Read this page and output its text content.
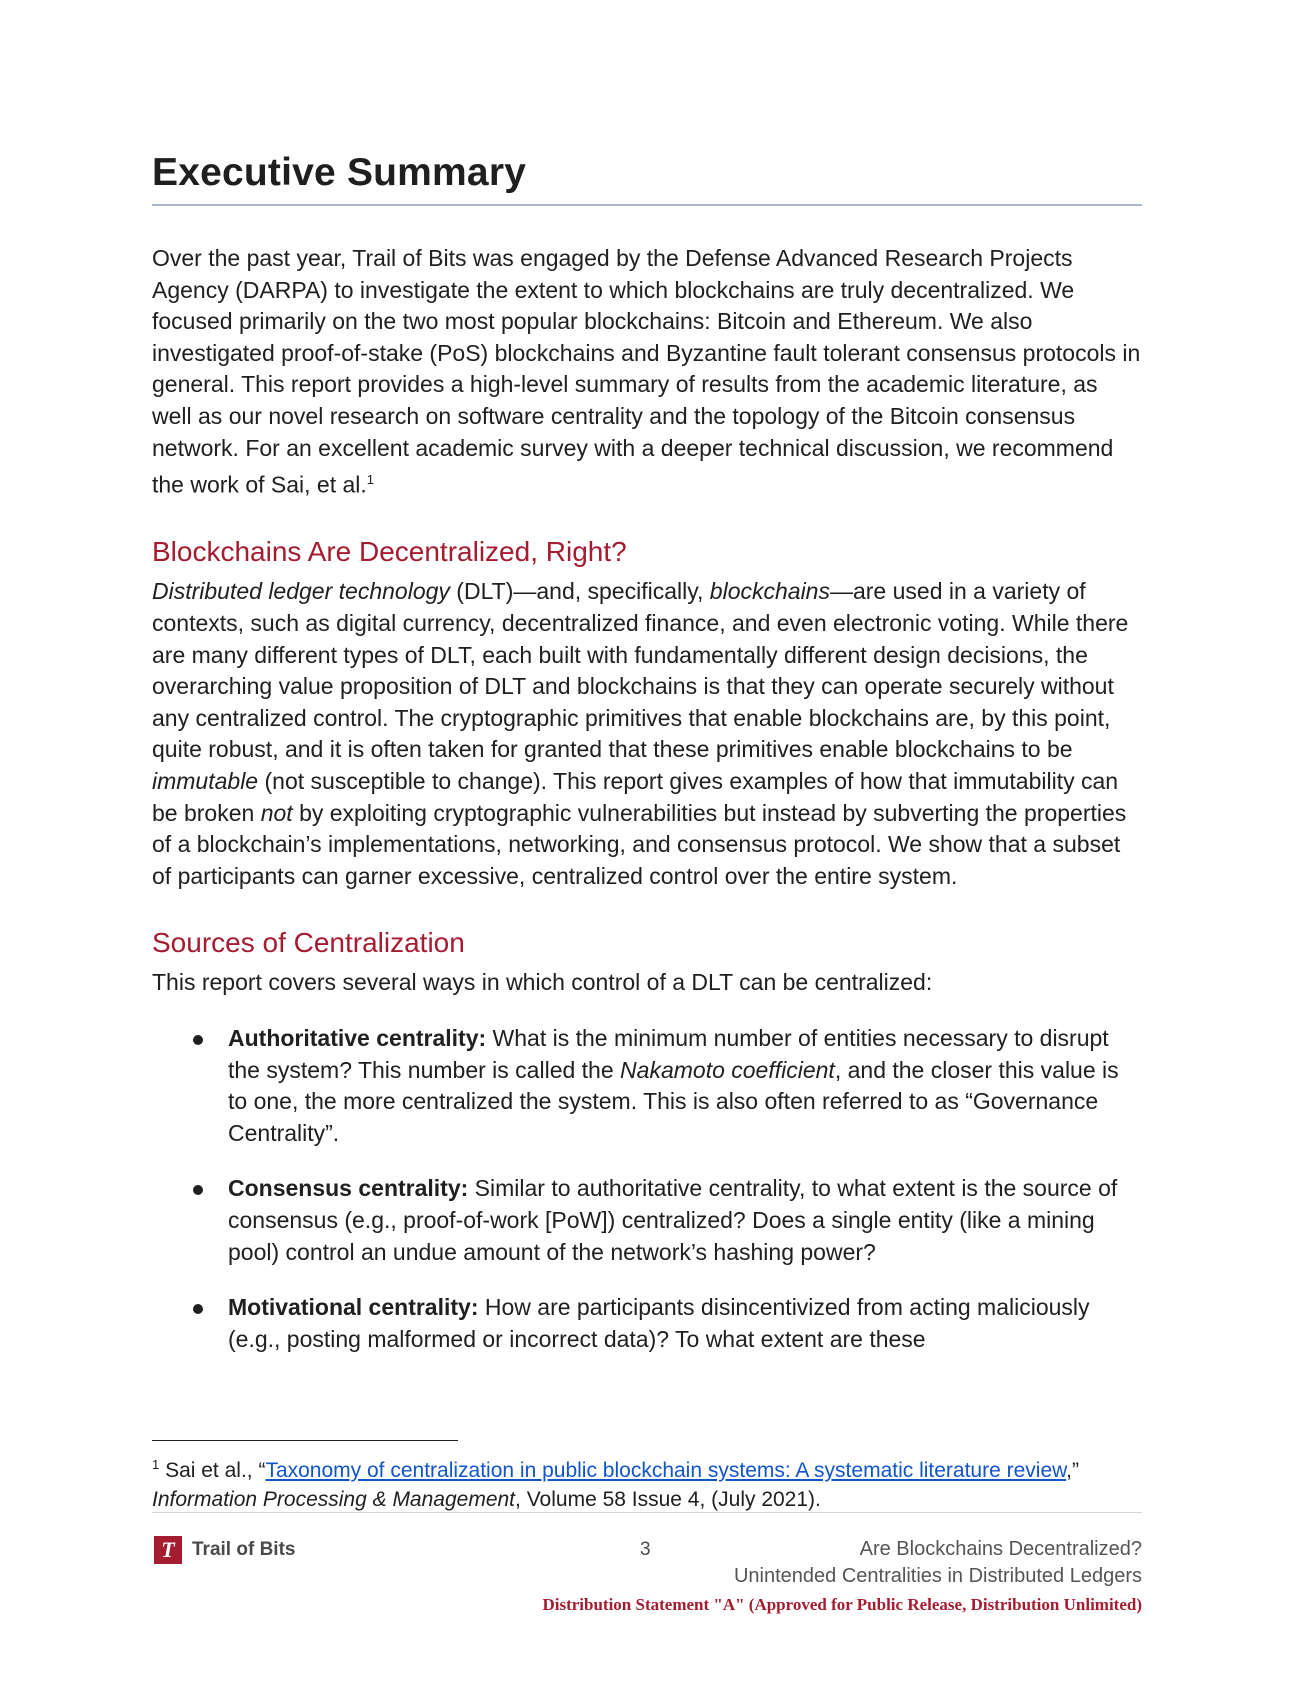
Executive Summary

Over the past year, Trail of Bits was engaged by the Defense Advanced Research Projects Agency (DARPA) to investigate the extent to which blockchains are truly decentralized. We focused primarily on the two most popular blockchains: Bitcoin and Ethereum. We also investigated proof-of-stake (PoS) blockchains and Byzantine fault tolerant consensus protocols in general. This report provides a high-level summary of results from the academic literature, as well as our novel research on software centrality and the topology of the Bitcoin consensus network. For an excellent academic survey with a deeper technical discussion, we recommend the work of Sai, et al.$^1$

Blockchains Are Decentralized, Right?

Distributed ledger technology (DLT)—and, specifically, blockchains—are used in a variety of contexts, such as digital currency, decentralized finance, and even electronic voting. While there are many different types of DLT, each built with fundamentally different design decisions, the overarching value proposition of DLT and blockchains is that they can operate securely without any centralized control. The cryptographic primitives that enable blockchains are, by this point, quite robust, and it is often taken for granted that these primitives enable blockchains to be immutable (not susceptible to change). This report gives examples of how that immutability can be broken not by exploiting cryptographic vulnerabilities but instead by subverting the properties of a blockchain’s implementations, networking, and consensus protocol. We show that a subset of participants can garner excessive, centralized control over the entire system.

Sources of Centralization

This report covers several ways in which control of a DLT can be centralized:

Authoritative centrality: What is the minimum number of entities necessary to disrupt the system? This number is called the Nakamoto coefficient, and the closer this value is to one, the more centralized the system. This is also often referred to as “Governance Centrality”.
Consensus centrality: Similar to authoritative centrality, to what extent is the source of consensus (e.g., proof-of-work [PoW]) centralized? Does a single entity (like a mining pool) control an undue amount of the network’s hashing power?
Motivational centrality: How are participants disincentivized from acting maliciously (e.g., posting malformed or incorrect data)? To what extent are these
$^1$ Sai et al., “Taxonomy of centralization in public blockchain systems: A systematic literature review,”
Information Processing & Management, Volume 58 Issue 4, (July 2021).
T Trail of Bits	3	Are Blockchains Decentralized?
Unintended Centralities in Distributed Ledgers
Distribution Statement "A" (Approved for Public Release, Distribution Unlimited)
